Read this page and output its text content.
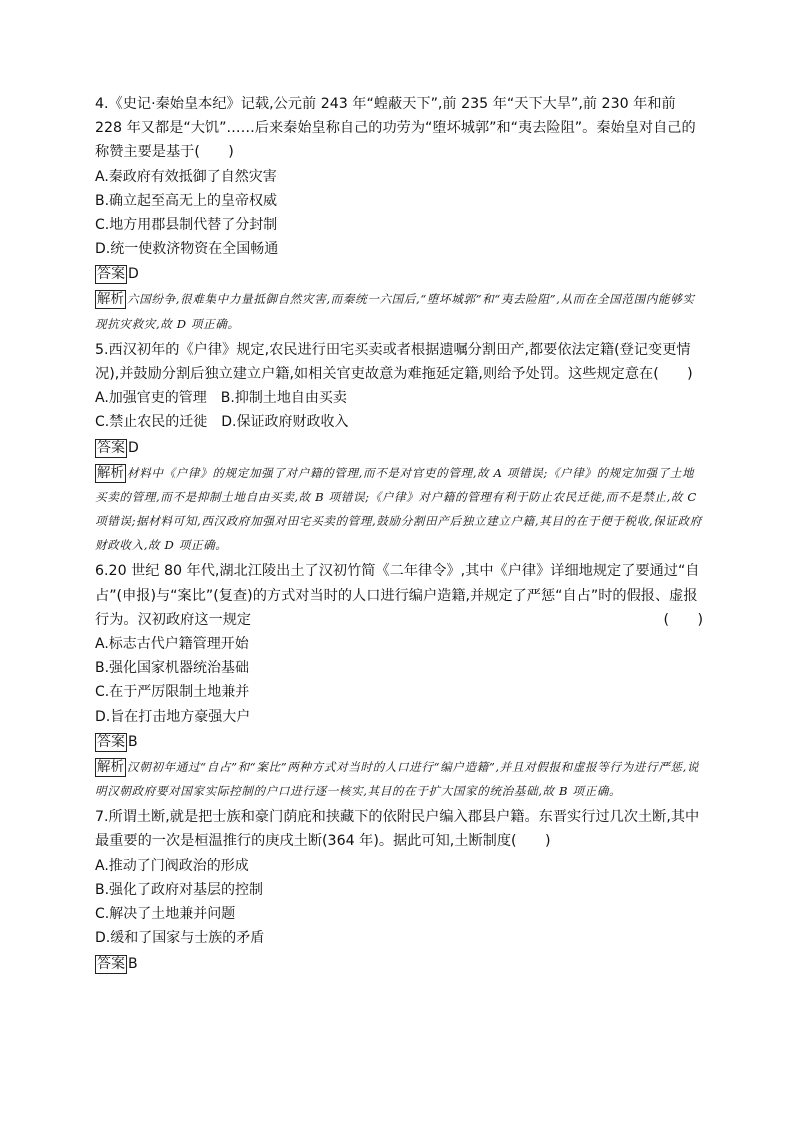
4.《史记·秦始皇本纪》记载,公元前 243 年“蝗蔽天下”,前 235 年“天下大旱”,前 230 年和前 228 年又都是“大饥”……后来秦始皇称自己的功劳为“堕坏城郭”和“夷去险阻”。秦始皇对自己的称赞主要是基于(　　)

A.秦政府有效抵御了自然灾害

B.确立起至高无上的皇帝权威

C.地方用郡县制代替了分封制

D.统一使救济物资在全国畅通

答案 D

解析 六国纷争,很难集中力量抵御自然灾害,而秦统一六国后,“堕坏城郭”和“夷去险阻”,从而在全国范围内能够实现抗灾救灾,故 D 项正确。

5.西汉初年的《户律》规定,农民进行田宅买卖或者根据遗嘱分割田产,都要依法定籍(登记变更情况),并鼓励分割后独立建立户籍,如相关官吏故意为难拖延定籍,则给予处罚。这些规定意在(　　)

A.加强官吏的管理　B.抑制土地自由买卖

C.禁止农民的迁徙　D.保证政府财政收入

答案 D

解析 材料中《户律》的规定加强了对户籍的管理,而不是对官吏的管理,故 A 项错误;《户律》的规定加强了土地买卖的管理,而不是抑制土地自由买卖,故 B 项错误;《户律》对户籍的管理有利于防止农民迁徙,而不是禁止,故 C 项错误;据材料可知,西汉政府加强对田宅买卖的管理,鼓励分割田产后独立建立户籍,其目的在于便于税收,保证政府财政收入,故 D 项正确。

6.20 世纪 80 年代,湖北江陵出土了汉初竹简《二年律令》,其中《户律》详细地规定了要通过“自占”(申报)与“案比”(复查)的方式对当时的人口进行编户造籍,并规定了严惩“自占”时的假报、虚报行为。汉初政府这一规定	(　　)

A.标志古代户籍管理开始

B.强化国家机器统治基础

C.在于严厉限制土地兼并

D.旨在打击地方豪强大户

答案 B

解析 汉朝初年通过“自占”和“案比”两种方式对当时的人口进行“编户造籍”,并且对假报和虚报等行为进行严惩,说明汉朝政府要对国家实际控制的户口进行逐一核实,其目的在于扩大国家的统治基础,故 B 项正确。

7.所谓土断,就是把士族和豪门荫庇和挟藏下的依附民户编入郡县户籍。东晋实行过几次土断,其中最重要的一次是桓温推行的庚戌土断(364 年)。据此可知,土断制度(　　)

A.推动了门阀政治的形成

B.强化了政府对基层的控制

C.解决了土地兼并问题

D.缓和了国家与士族的矛盾

答案 B
